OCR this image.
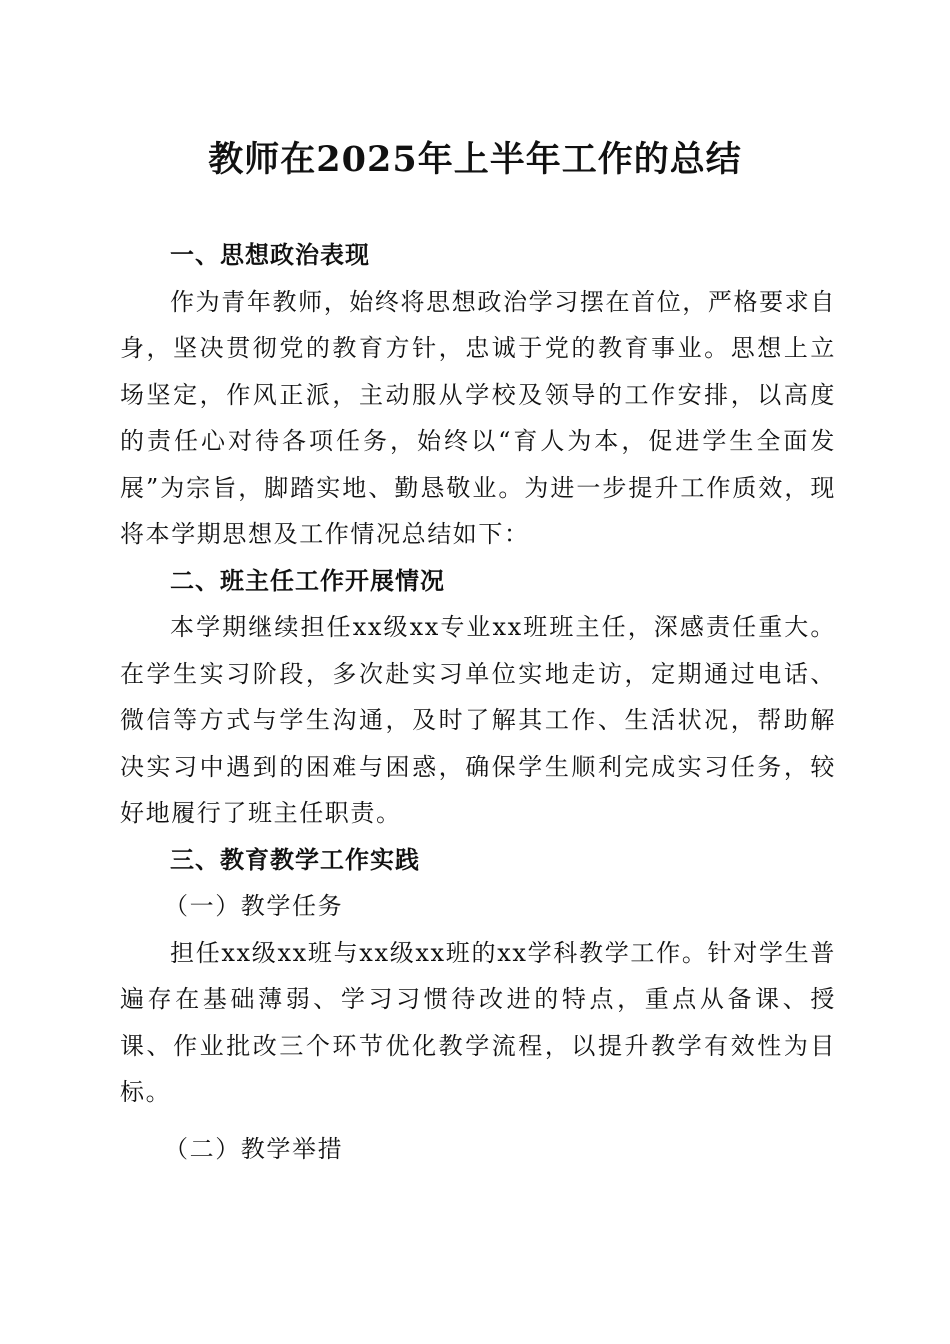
教师在2025年上半年工作的总结

一、思想政治表现

作为青年教师，始终将思想政治学习摆在首位，严格要求自身，坚决贯彻党的教育方针，忠诚于党的教育事业。思想上立场坚定，作风正派，主动服从学校及领导的工作安排，以高度的责任心对待各项任务，始终以“育人为本，促进学生全面发展”为宗旨，脚踏实地、勤恳敬业。为进一步提升工作质效，现将本学期思想及工作情况总结如下：

二、班主任工作开展情况

本学期继续担任xx级xx专业xx班班主任，深感责任重大。在学生实习阶段，多次赴实习单位实地走访，定期通过电话、微信等方式与学生沟通，及时了解其工作、生活状况，帮助解决实习中遇到的困难与困惑，确保学生顺利完成实习任务，较好地履行了班主任职责。

三、教育教学工作实践

（一）教学任务

担任xx级xx班与xx级xx班的xx学科教学工作。针对学生普遍存在基础薄弱、学习习惯待改进的特点，重点从备课、授课、作业批改三个环节优化教学流程，以提升教学有效性为目标。

（二）教学举措
